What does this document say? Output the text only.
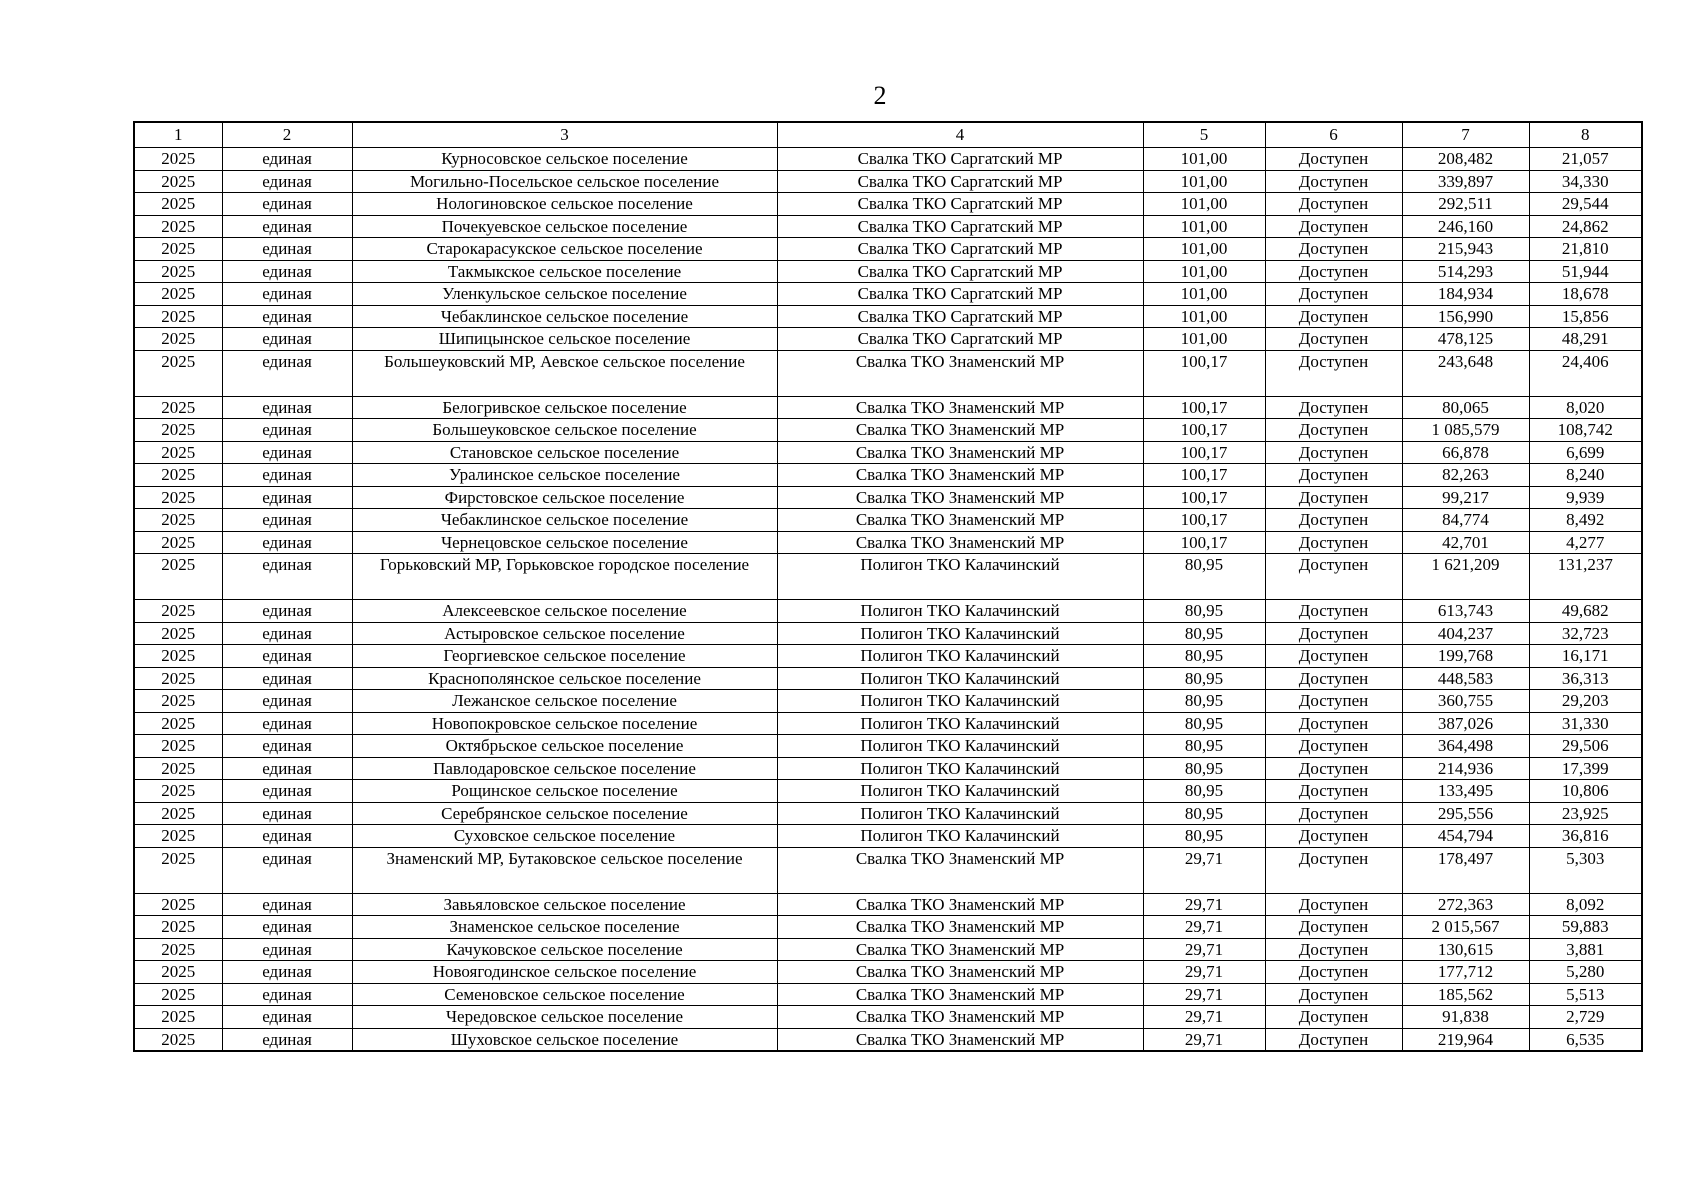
2
1	2	3	4	5	6	7	8
2025	единая	Курносовское сельское поселение	Свалка ТКО Саргатский МР	101,00	Доступен	208,482	21,057
2025	единая	Могильно-Посельское сельское поселение	Свалка ТКО Саргатский МР	101,00	Доступен	339,897	34,330
2025	единая	Нологиновское сельское поселение	Свалка ТКО Саргатский МР	101,00	Доступен	292,511	29,544
2025	единая	Почекуевское сельское поселение	Свалка ТКО Саргатский МР	101,00	Доступен	246,160	24,862
2025	единая	Старокарасукское сельское поселение	Свалка ТКО Саргатский МР	101,00	Доступен	215,943	21,810
2025	единая	Такмыкское сельское поселение	Свалка ТКО Саргатский МР	101,00	Доступен	514,293	51,944
2025	единая	Уленкульское сельское поселение	Свалка ТКО Саргатский МР	101,00	Доступен	184,934	18,678
2025	единая	Чебаклинское сельское поселение	Свалка ТКО Саргатский МР	101,00	Доступен	156,990	15,856
2025	единая	Шипицынское сельское поселение	Свалка ТКО Саргатский МР	101,00	Доступен	478,125	48,291
2025	единая	Большеуковский МР, Аевское сельское поселение	Свалка ТКО Знаменский МР	100,17	Доступен	243,648	24,406
2025	единая	Белогривское сельское поселение	Свалка ТКО Знаменский МР	100,17	Доступен	80,065	8,020
2025	единая	Большеуковское сельское поселение	Свалка ТКО Знаменский МР	100,17	Доступен	1 085,579	108,742
2025	единая	Становское сельское поселение	Свалка ТКО Знаменский МР	100,17	Доступен	66,878	6,699
2025	единая	Уралинское сельское поселение	Свалка ТКО Знаменский МР	100,17	Доступен	82,263	8,240
2025	единая	Фирстовское сельское поселение	Свалка ТКО Знаменский МР	100,17	Доступен	99,217	9,939
2025	единая	Чебаклинское сельское поселение	Свалка ТКО Знаменский МР	100,17	Доступен	84,774	8,492
2025	единая	Чернецовское сельское поселение	Свалка ТКО Знаменский МР	100,17	Доступен	42,701	4,277
2025	единая	Горьковский МР, Горьковское городское поселение	Полигон ТКО Калачинский	80,95	Доступен	1 621,209	131,237
2025	единая	Алексеевское сельское поселение	Полигон ТКО Калачинский	80,95	Доступен	613,743	49,682
2025	единая	Астыровское сельское поселение	Полигон ТКО Калачинский	80,95	Доступен	404,237	32,723
2025	единая	Георгиевское сельское поселение	Полигон ТКО Калачинский	80,95	Доступен	199,768	16,171
2025	единая	Краснополянское сельское поселение	Полигон ТКО Калачинский	80,95	Доступен	448,583	36,313
2025	единая	Лежанское сельское поселение	Полигон ТКО Калачинский	80,95	Доступен	360,755	29,203
2025	единая	Новопокровское сельское поселение	Полигон ТКО Калачинский	80,95	Доступен	387,026	31,330
2025	единая	Октябрьское сельское поселение	Полигон ТКО Калачинский	80,95	Доступен	364,498	29,506
2025	единая	Павлодаровское сельское поселение	Полигон ТКО Калачинский	80,95	Доступен	214,936	17,399
2025	единая	Рощинское сельское поселение	Полигон ТКО Калачинский	80,95	Доступен	133,495	10,806
2025	единая	Серебрянское сельское поселение	Полигон ТКО Калачинский	80,95	Доступен	295,556	23,925
2025	единая	Суховское сельское поселение	Полигон ТКО Калачинский	80,95	Доступен	454,794	36,816
2025	единая	Знаменский МР, Бутаковское сельское поселение	Свалка ТКО Знаменский МР	29,71	Доступен	178,497	5,303
2025	единая	Завьяловское сельское поселение	Свалка ТКО Знаменский МР	29,71	Доступен	272,363	8,092
2025	единая	Знаменское сельское поселение	Свалка ТКО Знаменский МР	29,71	Доступен	2 015,567	59,883
2025	единая	Качуковское сельское поселение	Свалка ТКО Знаменский МР	29,71	Доступен	130,615	3,881
2025	единая	Новоягодинское сельское поселение	Свалка ТКО Знаменский МР	29,71	Доступен	177,712	5,280
2025	единая	Семеновское сельское поселение	Свалка ТКО Знаменский МР	29,71	Доступен	185,562	5,513
2025	единая	Чередовское сельское поселение	Свалка ТКО Знаменский МР	29,71	Доступен	91,838	2,729
2025	единая	Шуховское сельское поселение	Свалка ТКО Знаменский МР	29,71	Доступен	219,964	6,535
